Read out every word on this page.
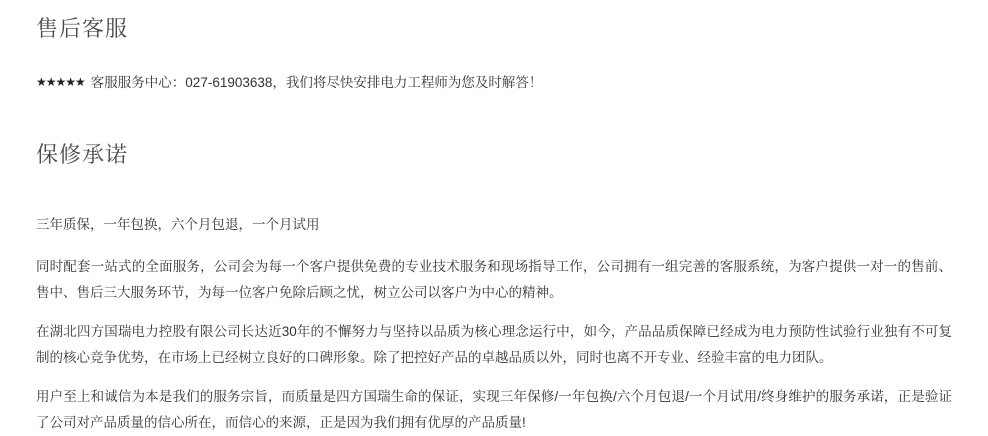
售后客服
★★★★★ 客服服务中心：027-61903638，我们将尽快安排电力工程师为您及时解答！
保修承诺

三年质保，一年包换，六个月包退，一个月试用

同时配套一站式的全面服务，公司会为每一个客户提供免费的专业技术服务和现场指导工作，公司拥有一组完善的客服系统，为客户提供一对一的售前、售中、售后三大服务环节，为每一位客户免除后顾之忧，树立公司以客户为中心的精神。

在湖北四方国瑞电力控股有限公司长达近30年的不懈努力与坚持以品质为核心理念运行中，如今，产品品质保障已经成为电力预防性试验行业独有不可复制的核心竞争优势，在市场上已经树立良好的口碑形象。除了把控好产品的卓越品质以外，同时也离不开专业、经验丰富的电力团队。

用户至上和诚信为本是我们的服务宗旨，而质量是四方国瑞生命的保证，实现三年保修/一年包换/六个月包退/一个月试用/终身维护的服务承诺，正是验证了公司对产品质量的信心所在，而信心的来源，正是因为我们拥有优厚的产品质量!
